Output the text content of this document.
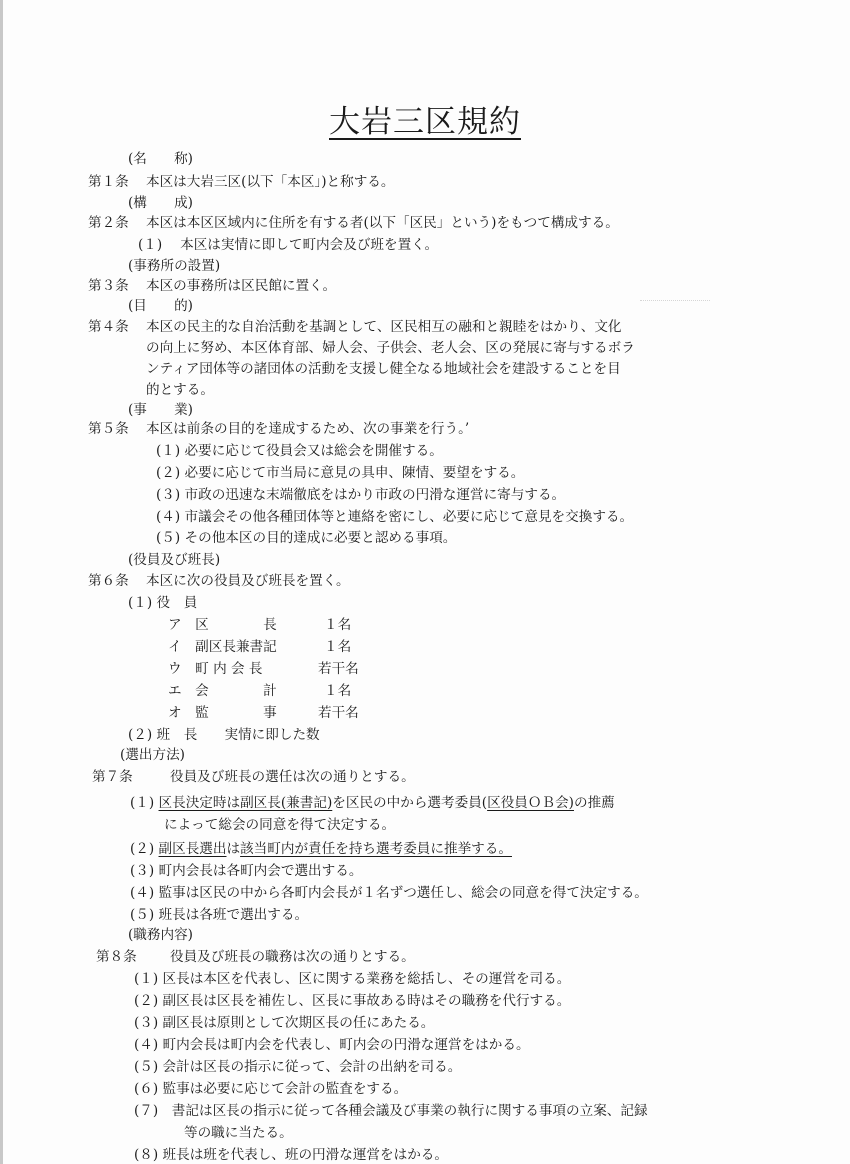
大岩三区規約
(名　　称)
第１条 本区は大岩三区(以下「本区」)と称する。
(構　　成)
第２条 本区は本区区域内に住所を有する者(以下「区民」という)をもつて構成する。
(１)　 本区は実情に即して町内会及び班を置く。
(事務所の設置)
第３条 本区の事務所は区民館に置く。
(目　　的)
第４条 本区の民主的な自治活動を基調として、区民相互の融和と親睦をはかり、文化
の向上に努め、本区体育部、婦人会、子供会、老人会、区の発展に寄与するボラ
ンティア団体等の諸団体の活動を支援し健全なる地域社会を建設することを目
的とする。
(事　　業)
第５条 本区は前条の目的を達成するため、次の事業を行う。’
(１) 必要に応じて役員会又は総会を開催する。
(２) 必要に応じて市当局に意見の具申、陳情、要望をする。
(３) 市政の迅速な末端徹底をはかり市政の円滑な運営に寄与する。
(４) 市議会その他各種団体等と連絡を密にし、必要に応じて意見を交換する。
(５) その他本区の目的達成に必要と認める事項。
(役員及び班長)
第６条 本区に次の役員及び班長を置く。
(１) 役　員
ア　区　　　　長	１名
イ　副区長兼書記	１名
ウ　町 内 会 長	若干名
エ　会　　　　計	１名
オ　監　　　　事	若干名
(２) 班　長　　実情に即した数
(選出方法)
第７条	役員及び班長の選任は次の通りとする。
(１) 区長決定時は副区長(兼書記)を区民の中から選考委員(区役員ＯＢ会)の推薦
によって総会の同意を得て決定する。
(２) 副区長選出は該当町内が責任を持ち選考委員に推挙する。
(３) 町内会長は各町内会で選出する。
(４) 監事は区民の中から各町内会長が１名ずつ選任し、総会の同意を得て決定する。
(５) 班長は各班で選出する。
(職務内容)
第８条 役員及び班長の職務は次の通りとする。
(１) 区長は本区を代表し、区に関する業務を総括し、その運営を司る。
(２) 副区長は区長を補佐し、区長に事故ある時はその職務を代行する。
(３) 副区長は原則として次期区長の任にあたる。
(４) 町内会長は町内会を代表し、町内会の円滑な運営をはかる。
(５) 会計は区長の指示に従って、会計の出納を司る。
(６) 監事は必要に応じて会計の監査をする。
(７)　書記は区長の指示に従って各種会議及び事業の執行に関する事項の立案、記録
等の職に当たる。
(８) 班長は班を代表し、班の円滑な運営をはかる。
